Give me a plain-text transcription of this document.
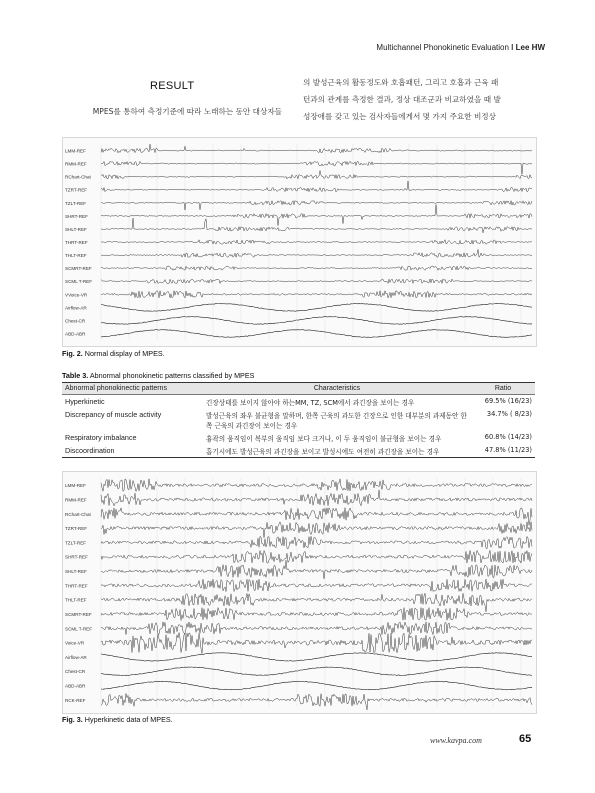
Multichannel Phonokinetic Evaluation ǀ Lee HW
RESULT
MPES를 통하여 측정기준에 따라 노래하는 동안 대상자들
의 발성근육의 활동정도와 호흡패턴, 그리고 호흡과 근육 패
턴과의 관계를 측정한 결과, 정상 대조군과 비교하였을 때 발
성장애를 갖고 있는 검사자들에게서 몇 가지 주요한 비정상
LMM-REF
RMM-REF
RChart-Chat
TZRT-REF
TZLT-REF
SHRT-REF
SHLT-REF
THRT-REF
THLT-REF
SCMRT-REF
SCML T-REF
VVoice-VR
Airflow-AR
Chest-CR
ABD-ABR
Fig. 2. Normal display of MPES.
Table 3. Abnormal phonokinetic patterns classified by MPES
Abnormal phonokinectic patterns	Characteristics	Ratio
Hyperkinetic	긴장상태를 보이지 않아야 하는MM, TZ, SCM에서 과긴장을 보이는 경우	69.5% (16/23)
Discrepancy of muscle activity	발성근육의 좌우 불균형을 말하며, 한쪽 근육의 과도한 긴장으로 인한 대부분의 과제동안 한쪽 근육의 과긴장이 보이는 경우	34.7% ( 8/23)
Respiratory imbalance	흉곽의 움직임이 복부의 움직임 보다 크거나, 이 두 움직임이 불균형을 보이는 경우	60.8% (14/23)
Discoordination	흡기시에도 발성근육의 과긴장을 보이고 발성시에도 여전히 과긴장을 보이는 경우	47.8% (11/23)
LMM-REF
RMM-REF
RChart-Chat
TZRT-REF
TZLT-REF
SHRT-REF
SHLT-REF
THRT-REF
THLT-REF
SCMRT-REF
SCML T-REF
Voice-VR
Airflow-AR
Chest-CR
ABD-ABR
RCK-REF
Fig. 3. Hyperkinetic data of MPES.
www.kavpa.com	65
